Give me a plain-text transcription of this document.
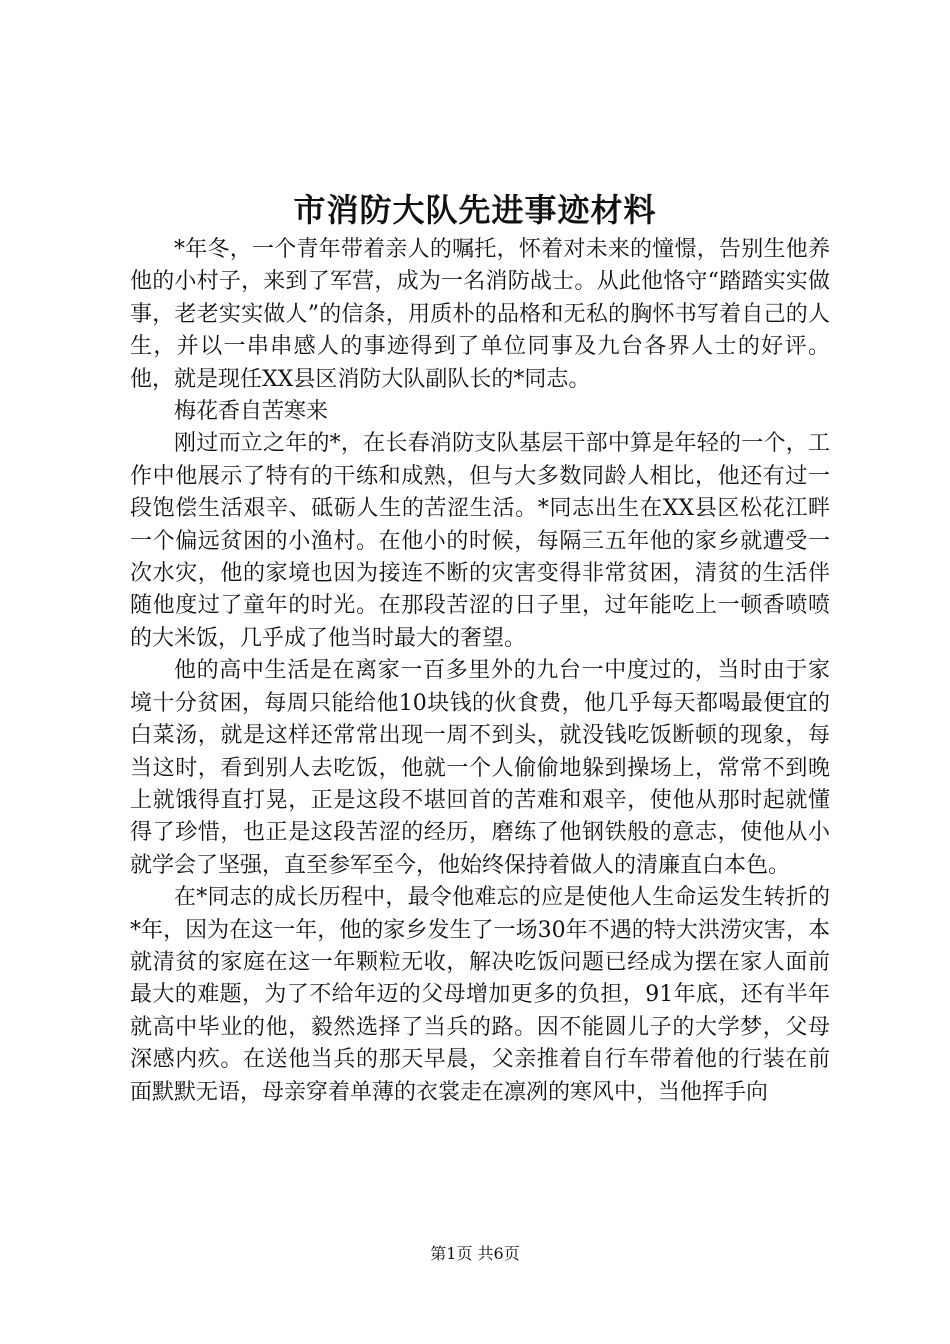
市消防大队先进事迹材料

*年冬，一个青年带着亲人的嘱托，怀着对未来的憧憬，告别生他养他的小村子，来到了军营，成为一名消防战士。从此他恪守“踏踏实实做事，老老实实做人”的信条，用质朴的品格和无私的胸怀书写着自己的人生，并以一串串感人的事迹得到了单位同事及九台各界人士的好评。他，就是现任XX县区消防大队副队长的*同志。

梅花香自苦寒来

刚过而立之年的*，在长春消防支队基层干部中算是年轻的一个，工作中他展示了特有的干练和成熟，但与大多数同龄人相比，他还有过一段饱偿生活艰辛、砥砺人生的苦涩生活。*同志出生在XX县区松花江畔一个偏远贫困的小渔村。在他小的时候，每隔三五年他的家乡就遭受一次水灾，他的家境也因为接连不断的灾害变得非常贫困，清贫的生活伴随他度过了童年的时光。在那段苦涩的日子里，过年能吃上一顿香喷喷的大米饭，几乎成了他当时最大的奢望。

他的高中生活是在离家一百多里外的九台一中度过的，当时由于家境十分贫困，每周只能给他10块钱的伙食费，他几乎每天都喝最便宜的白菜汤，就是这样还常常出现一周不到头，就没钱吃饭断顿的现象，每当这时，看到别人去吃饭，他就一个人偷偷地躲到操场上，常常不到晚上就饿得直打晃，正是这段不堪回首的苦难和艰辛，使他从那时起就懂得了珍惜，也正是这段苦涩的经历，磨练了他钢铁般的意志，使他从小就学会了坚强，直至参军至今，他始终保持着做人的清廉直白本色。

在*同志的成长历程中，最令他难忘的应是使他人生命运发生转折的*年，因为在这一年，他的家乡发生了一场30年不遇的特大洪涝灾害，本就清贫的家庭在这一年颗粒无收，解决吃饭问题已经成为摆在家人面前最大的难题，为了不给年迈的父母增加更多的负担，91年底，还有半年就高中毕业的他，毅然选择了当兵的路。因不能圆儿子的大学梦，父母深感内疚。在送他当兵的那天早晨，父亲推着自行车带着他的行装在前面默默无语，母亲穿着单薄的衣裳走在凛冽的寒风中，当他挥手向

第1页 共6页
